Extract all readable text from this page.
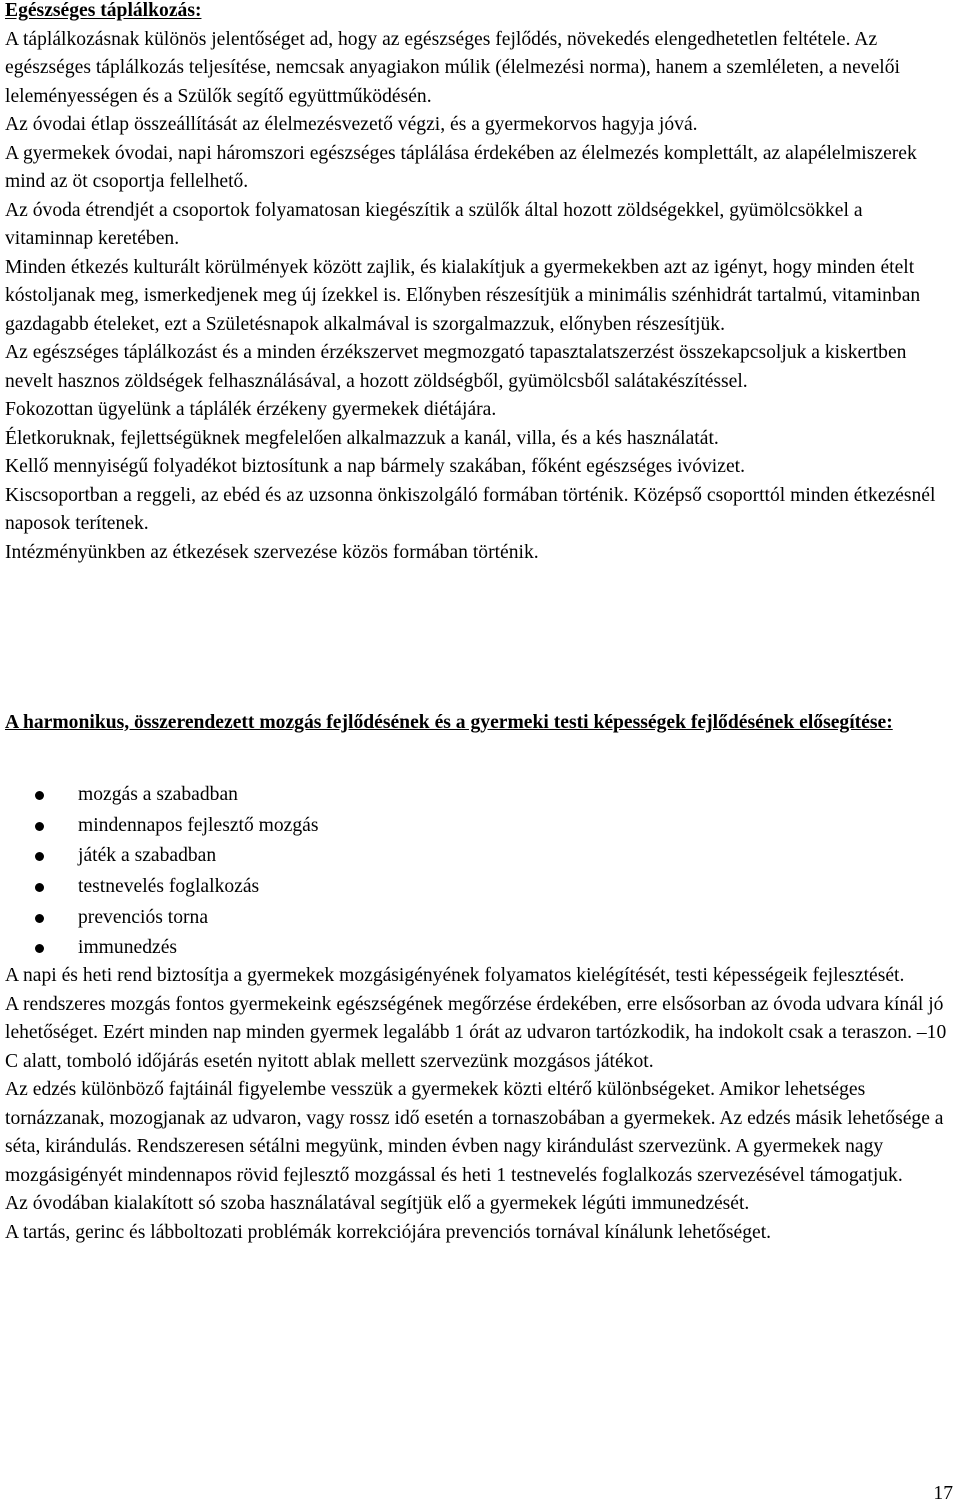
Egészséges táplálkozás:

A táplálkozásnak különös jelentőséget ad, hogy az egészséges fejlődés, növekedés elengedhetetlen feltétele. Az egészséges táplálkozás teljesítése, nemcsak anyagiakon múlik (élelmezési norma), hanem a szemléleten, a nevelői leleményességen és a Szülők segítő együttműködésén.

Az óvodai étlap összeállítását az élelmezésvezető végzi, és a gyermekorvos hagyja jóvá.

A gyermekek óvodai, napi háromszori egészséges táplálása érdekében az élelmezés komplettált, az alapélelmiszerek mind az öt csoportja fellelhető.

Az óvoda étrendjét a csoportok folyamatosan kiegészítik a szülők által hozott zöldségekkel, gyümölcsökkel a vitaminnap keretében.

Minden étkezés kulturált körülmények között zajlik, és kialakítjuk a gyermekekben azt az igényt, hogy minden ételt kóstoljanak meg, ismerkedjenek meg új ízekkel is. Előnyben részesítjük a minimális szénhidrát tartalmú, vitaminban gazdagabb ételeket, ezt a Születésnapok alkalmával is szorgalmazzuk, előnyben részesítjük.

Az egészséges táplálkozást és a minden érzékszervet megmozgató tapasztalatszerzést összekapcsoljuk a kiskertben nevelt hasznos zöldségek felhasználásával, a hozott zöldségből, gyümölcsből salátakészítéssel.

Fokozottan ügyelünk a táplálék érzékeny gyermekek diétájára.

Életkoruknak, fejlettségüknek megfelelően alkalmazzuk a kanál, villa, és a kés használatát.

Kellő mennyiségű folyadékot biztosítunk a nap bármely szakában, főként egészséges ivóvizet.

Kiscsoportban a reggeli, az ebéd és az uzsonna önkiszolgáló formában történik. Középső csoporttól minden étkezésnél naposok terítenek.

Intézményünkben az étkezések szervezése közös formában történik.

A harmonikus, összerendezett mozgás fejlődésének és a gyermeki testi képességek fejlődésének elősegítése:

mozgás a szabadban
mindennapos fejlesztő mozgás
játék a szabadban
testnevelés foglalkozás
prevenciós torna
immunedzés

A napi és heti rend biztosítja a gyermekek mozgásigényének folyamatos kielégítését, testi képességeik fejlesztését.

A rendszeres mozgás fontos gyermekeink egészségének megőrzése érdekében, erre elsősorban az óvoda udvara kínál jó lehetőséget. Ezért minden nap minden gyermek legalább 1 órát az udvaron tartózkodik, ha indokolt csak a teraszon. –10 C alatt, tomboló időjárás esetén nyitott ablak mellett szervezünk mozgásos játékot.

Az edzés különböző fajtáinál figyelembe vesszük a gyermekek közti eltérő különbségeket. Amikor lehetséges tornázzanak, mozogjanak az udvaron, vagy rossz idő esetén a tornaszobában a gyermekek. Az edzés másik lehetősége a séta, kirándulás. Rendszeresen sétálni megyünk, minden évben nagy kirándulást szervezünk. A gyermekek nagy mozgásigényét mindennapos rövid fejlesztő mozgással és heti 1 testnevelés foglalkozás szervezésével támogatjuk.

Az óvodában kialakított só szoba használatával segítjük elő a gyermekek légúti immunedzését.

A tartás, gerinc és lábboltozati problémák korrekciójára prevenciós tornával kínálunk lehetőséget.

17
